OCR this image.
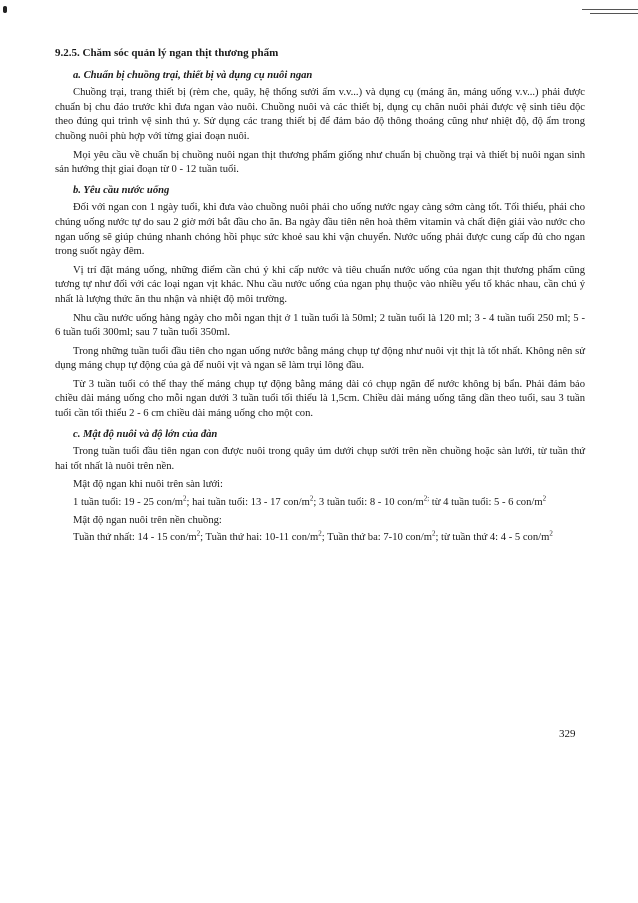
9.2.5. Chăm sóc quản lý ngan thịt thương phẩm
a. Chuẩn bị chuồng trại, thiết bị và dụng cụ nuôi ngan

Chuồng trại, trang thiết bị (rèm che, quây, hệ thống sưởi ấm v.v...) và dụng cụ (máng ăn, máng uống v.v...) phải được chuẩn bị chu đáo trước khi đưa ngan vào nuôi. Chuồng nuôi và các thiết bị, dụng cụ chăn nuôi phải được vệ sinh tiêu độc theo đúng qui trình vệ sinh thú y. Sử dụng các trang thiết bị để đảm bảo độ thông thoáng cũng như nhiệt độ, độ ẩm trong chuồng nuôi phù hợp với từng giai đoạn nuôi.

Mọi yêu cầu về chuẩn bị chuồng nuôi ngan thịt thương phẩm giống như chuẩn bị chuồng trại và thiết bị nuôi ngan sinh sản hướng thịt giai đoạn từ 0 - 12 tuần tuổi.

b. Yêu cầu nước uống

Đối với ngan con 1 ngày tuổi, khi đưa vào chuồng nuôi phải cho uống nước ngay càng sớm càng tốt. Tối thiểu, phải cho chúng uống nước tự do sau 2 giờ mới bắt đầu cho ăn. Ba ngày đầu tiên nên hoà thêm vitamin và chất điện giải vào nước cho ngan uống sẽ giúp chúng nhanh chóng hồi phục sức khoẻ sau khi vận chuyển. Nước uống phải được cung cấp đủ cho ngan trong suốt ngày đêm.

Vị trí đặt máng uống, những điểm cần chú ý khi cấp nước và tiêu chuẩn nước uống của ngan thịt thương phẩm cũng tương tự như đối với các loại ngan vịt khác. Nhu cầu nước uống của ngan phụ thuộc vào nhiều yếu tố khác nhau, cần chú ý nhất là lượng thức ăn thu nhận và nhiệt độ môi trường.

Nhu cầu nước uống hàng ngày cho mỗi ngan thịt ở 1 tuần tuổi là 50ml; 2 tuần tuổi là 120 ml; 3 - 4 tuần tuổi 250 ml; 5 - 6 tuần tuổi 300ml; sau 7 tuần tuổi 350ml.

Trong những tuần tuổi đầu tiên cho ngan uống nước bằng máng chụp tự động như nuôi vịt thịt là tốt nhất. Không nên sử dụng máng chụp tự động của gà để nuôi vịt và ngan sẽ làm trụi lông đầu.

Từ 3 tuần tuổi có thể thay thế máng chụp tự động bằng máng dài có chụp ngăn để nước không bị bẩn. Phải đảm bảo chiều dài máng uống cho mỗi ngan dưới 3 tuần tuổi tối thiểu là 1,5cm. Chiều dài máng uống tăng dần theo tuổi, sau 3 tuần tuổi cần tối thiểu 2 - 6 cm chiều dài máng uống cho một con.

c. Mật độ nuôi và độ lớn của đàn

Trong tuần tuổi đầu tiên ngan con được nuôi trong quây úm dưới chụp sưởi trên nền chuồng hoặc sàn lưới, từ tuần thứ hai tốt nhất là nuôi trên nền.

Mật độ ngan khi nuôi trên sàn lưới:

1 tuần tuổi: 19 - 25 con/$m^2$; hai tuần tuổi: 13 - 17 con/$m^2$; 3 tuần tuổi: 8 - 10 con/$m^{2;}$ từ 4 tuần tuổi: 5 - 6 con/$m^2$

Mật độ ngan nuôi trên nền chuồng:

Tuần thứ nhất: 14 - 15 con/$m^2$; Tuần thứ hai: 10-11 con/$m^2$; Tuần thứ ba: 7-10 con/$m^2$; từ tuần thứ 4: 4 - 5 con/$m^2$

329
